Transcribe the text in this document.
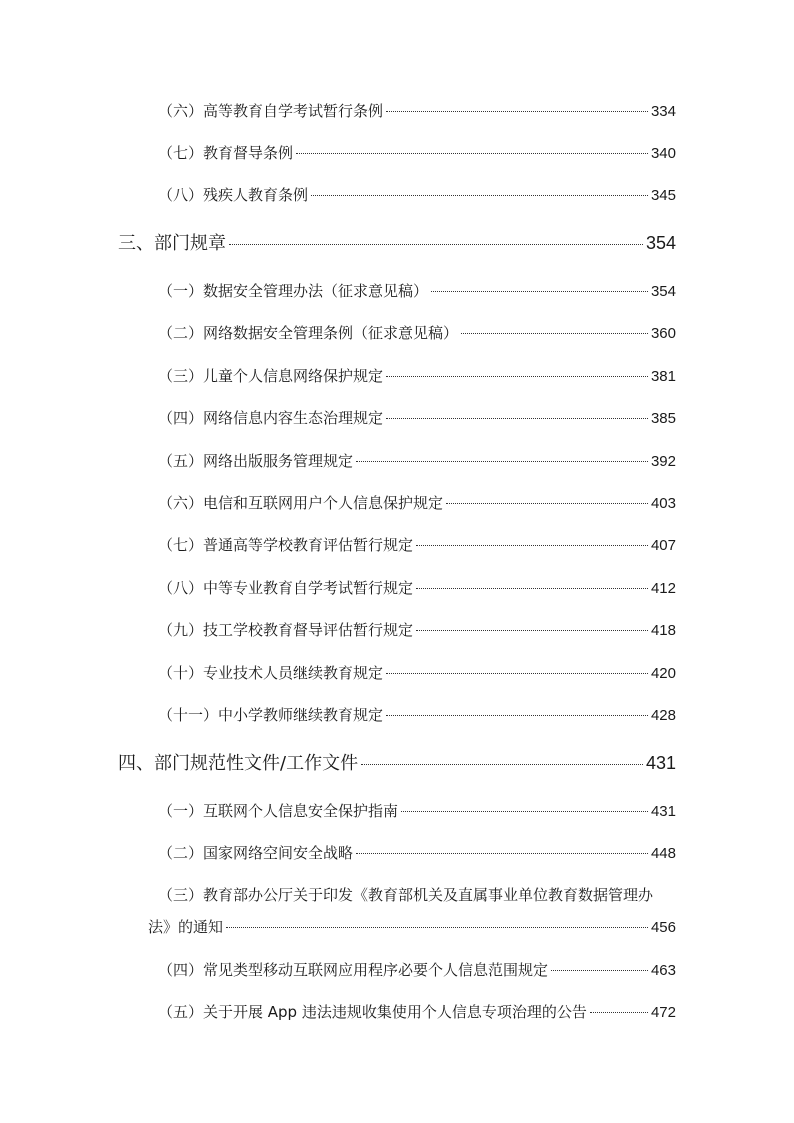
（六）高等教育自学考试暂行条例	334
（七）教育督导条例	340
（八）残疾人教育条例	345
三、部门规章	354
（一）数据安全管理办法（征求意见稿）	354
（二）网络数据安全管理条例（征求意见稿）	360
（三）儿童个人信息网络保护规定	381
（四）网络信息内容生态治理规定	385
（五）网络出版服务管理规定	392
（六）电信和互联网用户个人信息保护规定	403
（七）普通高等学校教育评估暂行规定	407
（八）中等专业教育自学考试暂行规定	412
（九）技工学校教育督导评估暂行规定	418
（十）专业技术人员继续教育规定	420
（十一）中小学教师继续教育规定	428
四、部门规范性文件/工作文件	431
（一）互联网个人信息安全保护指南	431
（二）国家网络空间安全战略	448
（三）教育部办公厅关于印发《教育部机关及直属事业单位教育数据管理办
法》的通知	456
（四）常见类型移动互联网应用程序必要个人信息范围规定	463
（五）关于开展 App 违法违规收集使用个人信息专项治理的公告	472
